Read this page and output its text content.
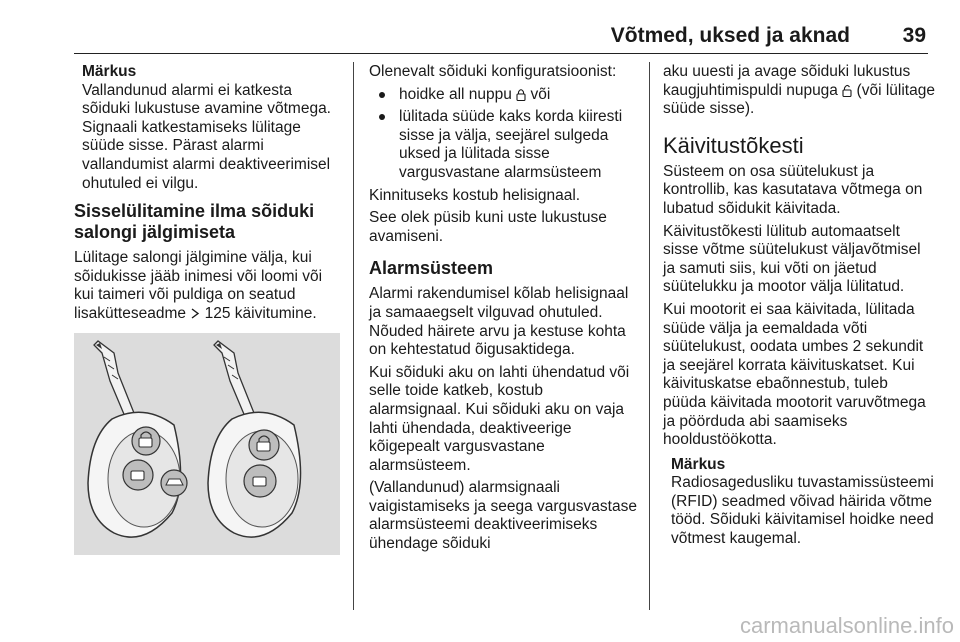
Võtmed, uksed ja aknad	39
Märkus

Vallandunud alarmi ei katkesta sõiduki lukustuse avamine võtmega. Signaali katkestamiseks lülitage süüde sisse. Pärast alarmi vallandumist alarmi deaktiveerimisel ohutuled ei vilgu.

Sisselülitamine ilma sõiduki salongi jälgimiseta

Lülitage salongi jälgimine välja, kui sõidukisse jääb inimesi või loomi või kui taimeri või puldiga on seatud lisakütteseadme  125 käivitumine.

Olenevalt sõiduki konfiguratsioonist:

hoidke all nuppu  või
lülitada süüde kaks korda kiiresti sisse ja välja, seejärel sulgeda uksed ja lülitada sisse vargusvastane alarmsüsteem

Kinnituseks kostub helisignaal.

See olek püsib kuni uste lukustuse avamiseni.

Alarmsüsteem

Alarmi rakendumisel kõlab helisignaal ja samaaegselt vilguvad ohutuled. Nõuded häirete arvu ja kestuse kohta on kehtestatud õigusaktidega.

Kui sõiduki aku on lahti ühendatud või selle toide katkeb, kostub alarmsignaal. Kui sõiduki aku on vaja lahti ühendada, deaktiveerige kõigepealt vargusvastane alarmsüsteem.

(Vallandunud) alarmsignaali vaigistamiseks ja seega vargusvastase alarmsüsteemi deaktiveerimiseks ühendage sõiduki

aku uuesti ja avage sõiduki lukustus kaugjuhtimispuldi nupuga  (või lülitage süüde sisse).

Käivitustõkesti

Süsteem on osa süütelukust ja kontrollib, kas kasutatava võtmega on lubatud sõidukit käivitada.

Käivitustõkesti lülitub automaatselt sisse võtme süütelukust väljavõtmisel ja samuti siis, kui võti on jäetud süütelukku ja mootor välja lülitatud.

Kui mootorit ei saa käivitada, lülitada süüde välja ja eemaldada võti süütelukust, oodata umbes 2 sekundit ja seejärel korrata käivituskatset. Kui käivituskatse ebaõnnestub, tuleb püüda käivitada mootorit varuvõtmega ja pöörduda abi saamiseks hooldustöökotta.

Märkus

Radiosagedusliku tuvastamissüsteemi (RFID) seadmed võivad häirida võtme tööd. Sõiduki käivitamisel hoidke need võtmest kaugemal.

carmanualsonline.info
